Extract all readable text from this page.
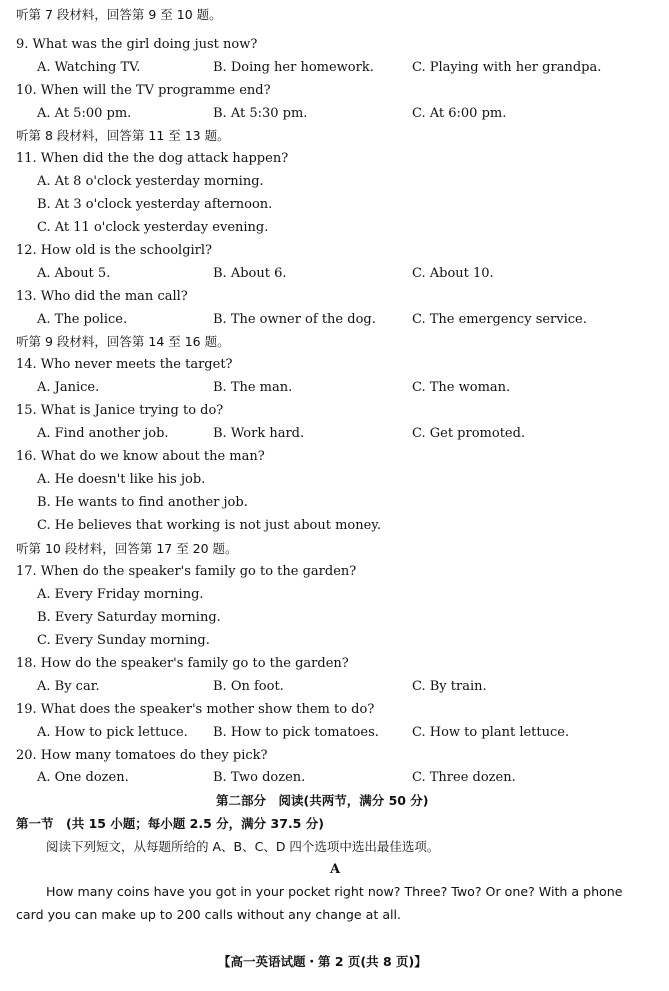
听第 7 段材料，回答第 9 至 10 题。
9. What was the girl doing just now?
A. Watching TV.	B. Doing her homework.	C. Playing with her grandpa.
10. When will the TV programme end?
A. At 5:00 pm.	B. At 5:30 pm.	C. At 6:00 pm.
听第 8 段材料，回答第 11 至 13 题。
11. When did the the dog attack happen?
A. At 8 o'clock yesterday morning.
B. At 3 o'clock yesterday afternoon.
C. At 11 o'clock yesterday evening.
12. How old is the schoolgirl?
A. About 5.	B. About 6.	C. About 10.
13. Who did the man call?
A. The police.	B. The owner of the dog.	C. The emergency service.
听第 9 段材料，回答第 14 至 16 题。
14. Who never meets the target?
A. Janice.	B. The man.	C. The woman.
15. What is Janice trying to do?
A. Find another job.	B. Work hard.	C. Get promoted.
16. What do we know about the man?
A. He doesn't like his job.
B. He wants to find another job.
C. He believes that working is not just about money.
听第 10 段材料，回答第 17 至 20 题。
17. When do the speaker's family go to the garden?
A. Every Friday morning.
B. Every Saturday morning.
C. Every Sunday morning.
18. How do the speaker's family go to the garden?
A. By car.	B. On foot.	C. By train.
19. What does the speaker's mother show them to do?
A. How to pick lettuce. B. How to pick tomatoes.	C. How to plant lettuce.
20. How many tomatoes do they pick?
A. One dozen.	B. Two dozen.	C. Three dozen.
第二部分　阅读(共两节，满分 50 分)
第一节　(共 15 小题；每小题 2.5 分，满分 37.5 分)
阅读下列短文，从每题所给的 A、B、C、D 四个选项中选出最佳选项。
A
How many coins have you got in your pocket right now? Three? Two? Or one? With a phone
card you can make up to 200 calls without any change at all.
【高一英语试题・第 2 页(共 8 页)】
